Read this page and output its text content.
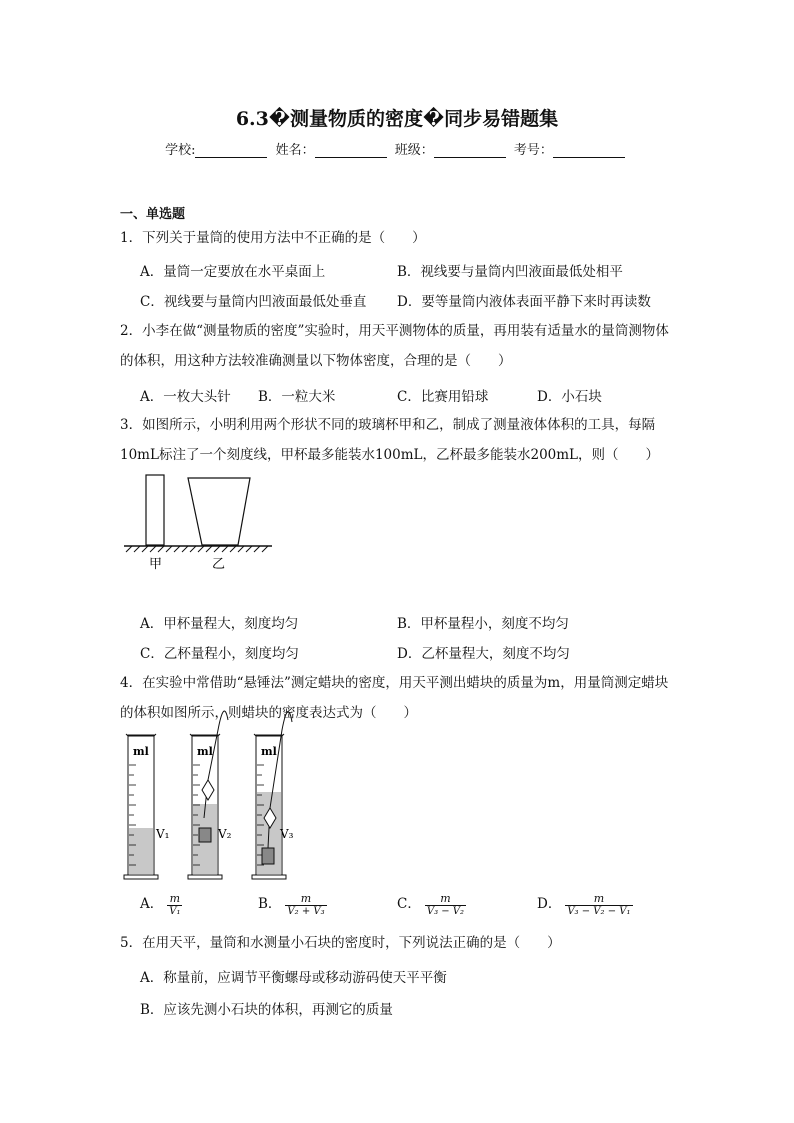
6.3�测量物质的密度�同步易错题集
学校:	姓名：	班级：	考号：
一、单选题
1．下列关于量筒的使用方法中不正确的是（　　）
A．量筒一定要放在水平桌面上	B．视线要与量筒内凹液面最低处相平
C．视线要与量筒内凹液面最低处垂直 D．要等量筒内液体表面平静下来时再读数
2．小李在做“测量物质的密度”实验时，用天平测物体的质量，再用装有适量水的量筒测物体的体积，用这种方法较准确测量以下物体密度，合理的是（　　）
A．一枚大头针 B．一粒大米	C．比赛用铅球	D．小石块
3．如图所示，小明利用两个形状不同的玻璃杯甲和乙，制成了测量液体体积的工具，每隔10mL标注了一个刻度线，甲杯最多能装水100mL，乙杯最多能装水200mL，则（　　）
甲	乙
A．甲杯量程大，刻度均匀	B．甲杯量程小，刻度不均匀
C．乙杯量程小，刻度均匀	D．乙杯量程大，刻度不均匀
4．在实验中常借助“悬锤法”测定蜡块的密度，用天平测出蜡块的质量为m，用量筒测定蜡块的体积如图所示，则蜡块的密度表达式为（　　）
ml
V₁
ml
V₂
ml
V₃
A． $\frac{m}{\text{V₁}}$	B． $\frac{m}{\text{V₂ + V₃}}$	C． $\frac{m}{\text{V₃ − V₂}}$	D． $\frac{m}{\text{V₃ − V₂ − V₁}}$
5．在用天平，量筒和水测量小石块的密度时，下列说法正确的是（　　）
A．称量前，应调节平衡螺母或移动游码使天平平衡
B．应该先测小石块的体积，再测它的质量
